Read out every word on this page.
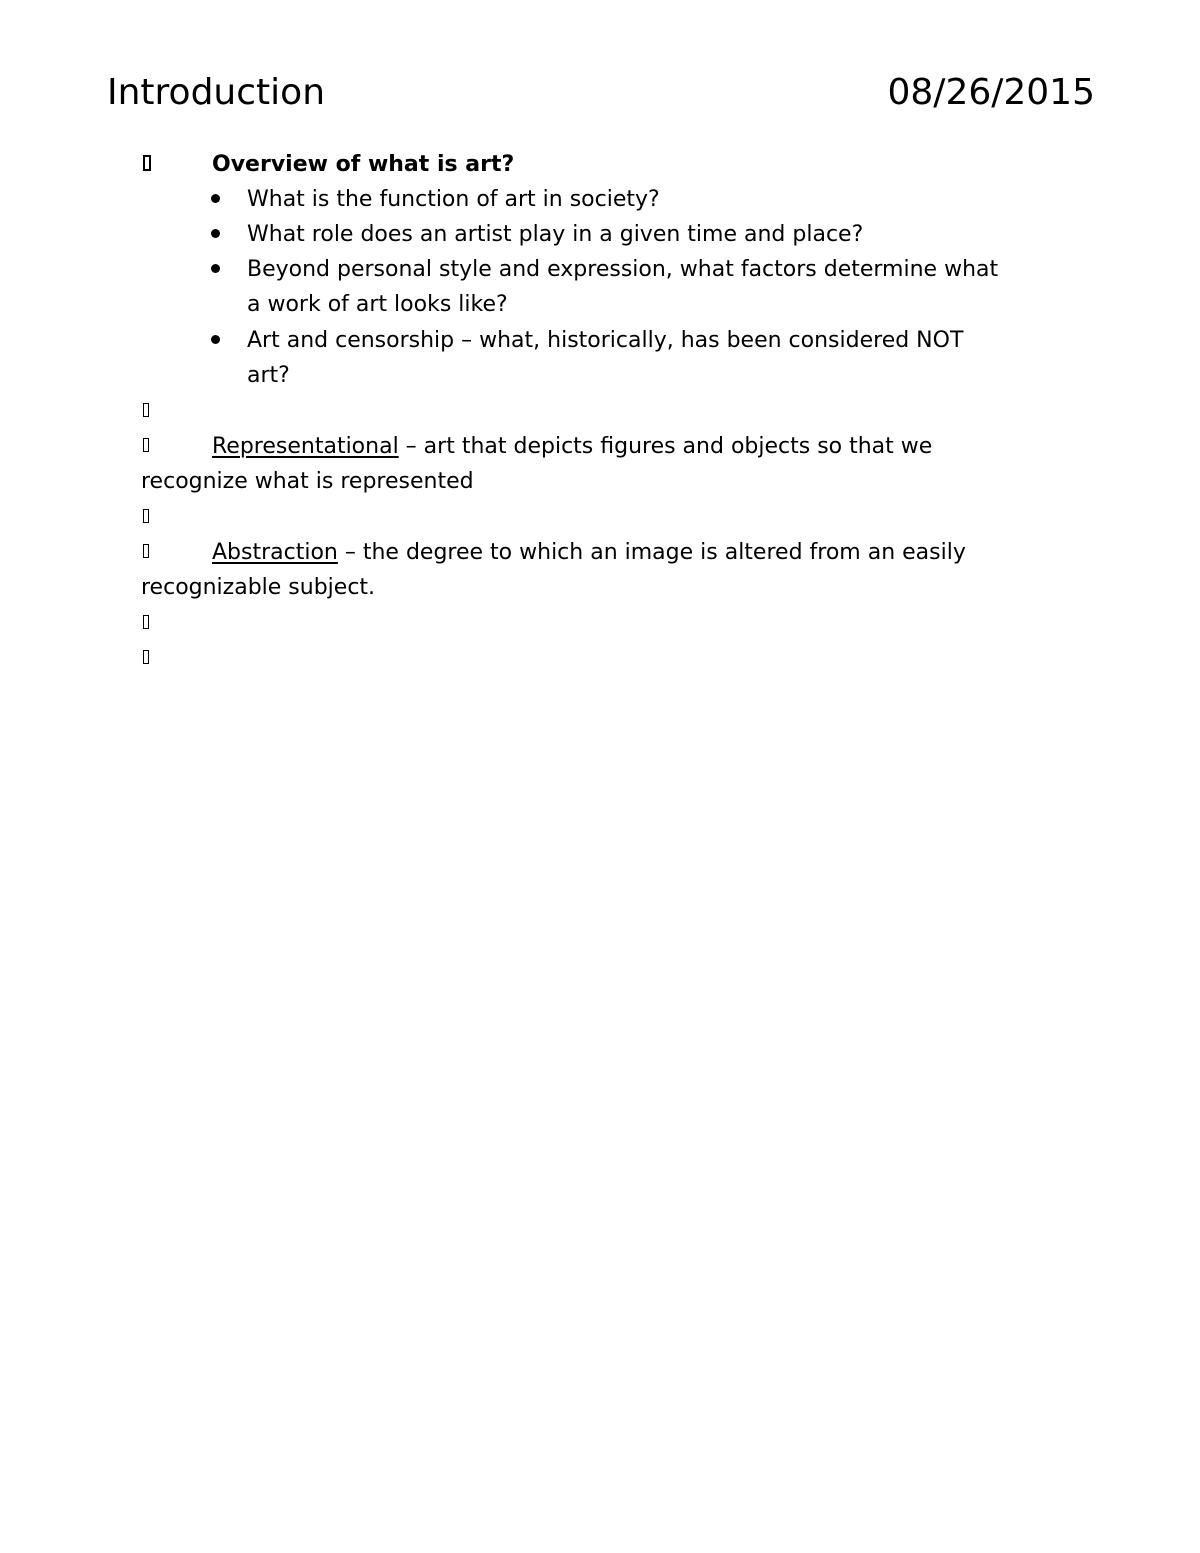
Introduction	08/26/2015
Overview of what is art?
What is the function of art in society?
What role does an artist play in a given time and place?
Beyond personal style and expression, what factors determine what
a work of art looks like?
Art and censorship – what, historically, has been considered NOT
art?
Representational – art that depicts figures and objects so that we
recognize what is represented
Abstraction – the degree to which an image is altered from an easily
recognizable subject.
